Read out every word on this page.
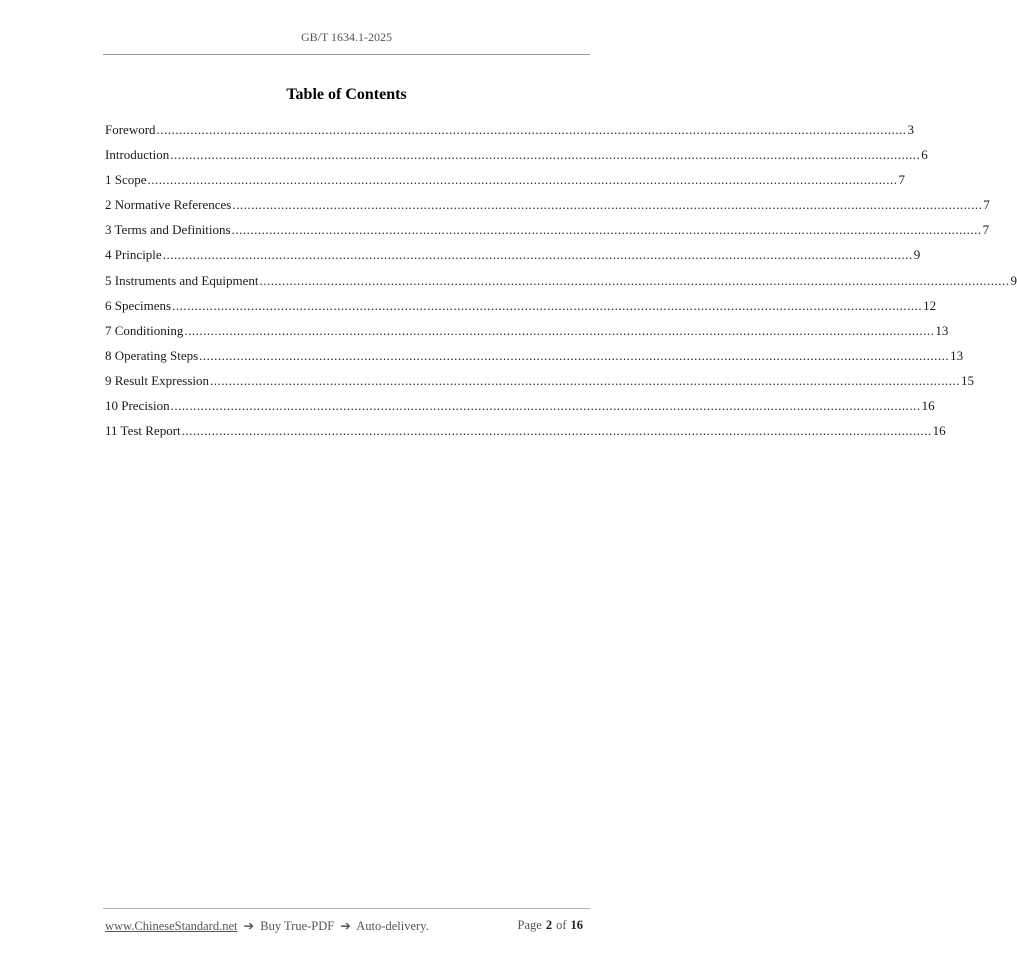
GB/T 1634.1-2025
Table of Contents
Foreword ........................................................................................................................................................................................................ 3
Introduction ........................................................................................................................................................................................................ 6
1 Scope ........................................................................................................................................................................................................ 7
2 Normative References ........................................................................................................................................................................................................ 7
3 Terms and Definitions ........................................................................................................................................................................................................ 7
4 Principle ........................................................................................................................................................................................................ 9
5 Instruments and Equipment ........................................................................................................................................................................................................ 9
6 Specimens ........................................................................................................................................................................................................ 12
7 Conditioning ........................................................................................................................................................................................................ 13
8 Operating Steps ........................................................................................................................................................................................................ 13
9 Result Expression ........................................................................................................................................................................................................ 15
10 Precision ........................................................................................................................................................................................................ 16
11 Test Report ........................................................................................................................................................................................................ 16
www.ChineseStandard.net ➔ Buy True-PDF ➔ Auto-delivery.	Page 2 of 16
